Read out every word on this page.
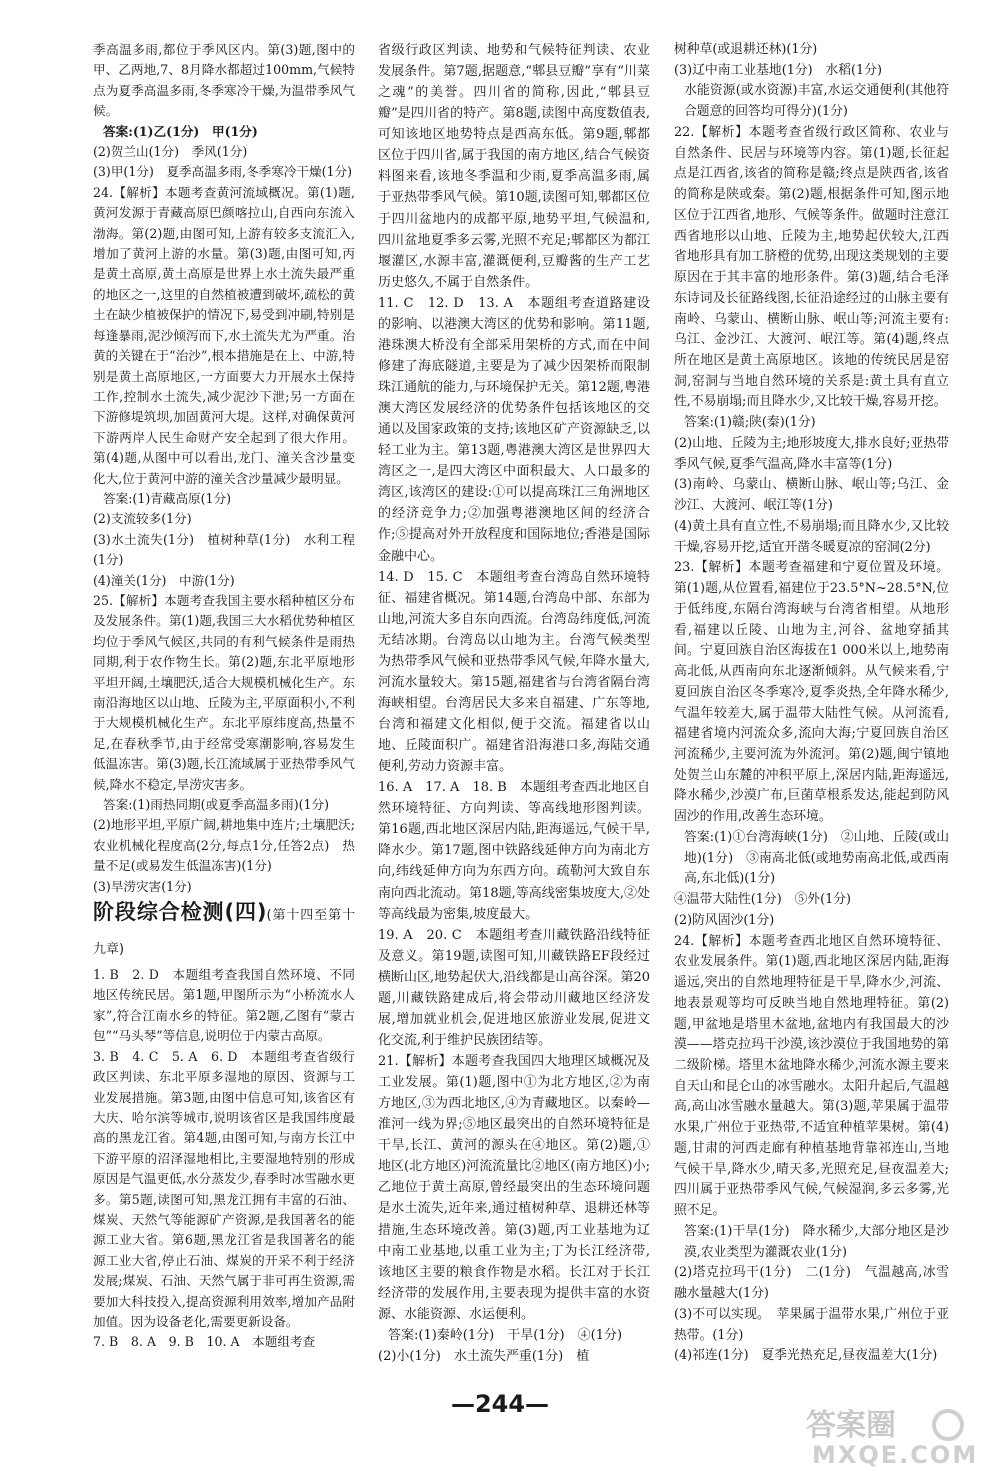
季高温多雨,都位于季风区内。第(3)题,图中的甲、乙两地,7、8月降水都超过100mm,气候特点为夏季高温多雨,冬季寒冷干燥,为温带季风气候。

答案:(1)乙(1分)　甲(1分)

(2)贺兰山(1分)　季风(1分)

(3)甲(1分)　夏季高温多雨,冬季寒冷干燥(1分)

24.【解析】本题考查黄河流域概况。第(1)题,黄河发源于青藏高原巴颜喀拉山,自西向东流入渤海。第(2)题,由图可知,上游有较多支流汇入,增加了黄河上游的水量。第(3)题,由图可知,丙是黄土高原,黄土高原是世界上水土流失最严重的地区之一,这里的自然植被遭到破坏,疏松的黄土在缺少植被保护的情况下,易受到冲刷,特别是每逢暴雨,泥沙倾泻而下,水土流失尤为严重。治黄的关键在于“治沙”,根本措施是在上、中游,特别是黄土高原地区,一方面要大力开展水土保持工作,控制水土流失,减少泥沙下泄;另一方面在下游修堤筑坝,加固黄河大堤。这样,对确保黄河下游两岸人民生命财产安全起到了很大作用。第(4)题,从图中可以看出,龙门、潼关含沙量变化大,位于黄河中游的潼关含沙量减少最明显。

答案:(1)青藏高原(1分)

(2)支流较多(1分)

(3)水土流失(1分)　植树种草(1分)　水利工程(1分)

(4)潼关(1分)　中游(1分)

25.【解析】本题考查我国主要水稻种植区分布及发展条件。第(1)题,我国三大水稻优势种植区均位于季风气候区,共同的有利气候条件是雨热同期,利于农作物生长。第(2)题,东北平原地形平坦开阔,土壤肥沃,适合大规模机械化生产。东南沿海地区以山地、丘陵为主,平原面积小,不利于大规模机械化生产。东北平原纬度高,热量不足,在春秋季节,由于经常受寒潮影响,容易发生低温冻害。第(3)题,长江流域属于亚热带季风气候,降水不稳定,旱涝灾害多。

答案:(1)雨热同期(或夏季高温多雨)(1分)

(2)地形平坦,平原广阔,耕地集中连片;土壤肥沃;农业机械化程度高(2分,每点1分,任答2点)　热量不足(或易发生低温冻害)(1分)

(3)旱涝灾害(1分)

阶段综合检测(四)(第十四至第十九章)

1. B　2. D　本题组考查我国自然环境、不同地区传统民居。第1题,甲图所示为“小桥流水人家”,符合江南水乡的特征。第2题,乙图有“蒙古包”“马头琴”等信息,说明位于内蒙古高原。

3. B　4. C　5. A　6. D　本题组考查省级行政区判读、东北平原多湿地的原因、资源与工业发展措施。第3题,由图中信息可知,该省区有大庆、哈尔滨等城市,说明该省区是我国纬度最高的黑龙江省。第4题,由图可知,与南方长江中下游平原的沼泽湿地相比,主要湿地特别的形成原因是气温更低,水分蒸发少,春季时冰雪融水更多。第5题,读图可知,黑龙江拥有丰富的石油、煤炭、天然气等能源矿产资源,是我国著名的能源工业大省。第6题,黑龙江省是我国著名的能源工业大省,停止石油、煤炭的开采不利于经济发展;煤炭、石油、天然气属于非可再生资源,需要加大科技投入,提高资源利用效率,增加产品附加值。因为设备老化,需要更新设备。

7. B　8. A　9. B　10. A　本题组考查

省级行政区判读、地势和气候特征判读、农业发展条件。第7题,据题意,“郫县豆瓣”享有“川菜之魂”的美誉。四川省的简称,因此,“郫县豆瓣”是四川省的特产。第8题,读图中高度数值表,可知该地区地势特点是西高东低。第9题,郫都区位于四川省,属于我国的南方地区,结合气候资料图来看,该地冬季温和少雨,夏季高温多雨,属于亚热带季风气候。第10题,读图可知,郫都区位于四川盆地内的成都平原,地势平坦,气候温和,四川盆地夏季多云雾,光照不充足;郫都区为都江堰灌区,水源丰富,灌溉便利,豆瓣酱的生产工艺历史悠久,不属于自然条件。

11. C　12. D　13. A　本题组考查道路建设的影响、以港澳大湾区的优势和影响。第11题,港珠澳大桥没有全部采用架桥的方式,而在中间修建了海底隧道,主要是为了减少因架桥而限制珠江通航的能力,与环境保护无关。第12题,粤港澳大湾区发展经济的优势条件包括该地区的交通以及国家政策的支持;该地区矿产资源缺乏,以轻工业为主。第13题,粤港澳大湾区是世界四大湾区之一,是四大湾区中面积最大、人口最多的湾区,该湾区的建设:①可以提高珠江三角洲地区的经济竞争力;②加强粤港澳地区间的经济合作;⑤提高对外开放程度和国际地位;香港是国际金融中心。

14. D　15. C　本题组考查台湾岛自然环境特征、福建省概况。第14题,台湾岛中部、东部为山地,河流大多自东向西流。台湾岛纬度低,河流无结冰期。台湾岛以山地为主。台湾气候类型为热带季风气候和亚热带季风气候,年降水量大,河流水量较大。第15题,福建省与台湾省隔台湾海峡相望。台湾居民大多来自福建、广东等地,台湾和福建文化相似,便于交流。福建省以山地、丘陵面积广。福建省沿海港口多,海陆交通便利,劳动力资源丰富。

16. A　17. A　18. B　本题组考查西北地区自然环境特征、方向判读、等高线地形图判读。第16题,西北地区深居内陆,距海遥远,气候干旱,降水少。第17题,图中铁路线延伸方向为南北方向,纬线延伸方向为东西方向。疏勒河大致自东南向西北流动。第18题,等高线密集坡度大,②处等高线最为密集,坡度最大。

19. A　20. C　本题组考查川藏铁路沿线特征及意义。第19题,读图可知,川藏铁路EF段经过横断山区,地势起伏大,沿线都是山高谷深。第20题,川藏铁路建成后,将会带动川藏地区经济发展,增加就业机会,促进地区旅游业发展,促进文化交流,利于维护民族团结等。

21.【解析】本题考查我国四大地理区域概况及工业发展。第(1)题,图中①为北方地区,②为南方地区,③为西北地区,④为青藏地区。以秦岭—淮河一线为界;⑤地区最突出的自然环境特征是干旱,长江、黄河的源头在④地区。第(2)题,①地区(北方地区)河流流量比②地区(南方地区)小;乙地位于黄土高原,曾经最突出的生态环境问题是水土流失,近年来,通过植树种草、退耕还林等措施,生态环境改善。第(3)题,丙工业基地为辽中南工业基地,以重工业为主;丁为长江经济带,该地区主要的粮食作物是水稻。长江对于长江经济带的发展作用,主要表现为提供丰富的水资源、水能资源、水运便利。

答案:(1)秦岭(1分)　干旱(1分)　④(1分)

(2)小(1分)　水土流失严重(1分)　植

树种草(或退耕还林)(1分)

(3)辽中南工业基地(1分)　水稻(1分)

水能资源(或水资源)丰富,水运交通便利(其他符合题意的回答均可得分)(1分)

22.【解析】本题考查省级行政区简称、农业与自然条件、民居与环境等内容。第(1)题,长征起点是江西省,该省的简称是赣;终点是陕西省,该省的简称是陕或秦。第(2)题,根据条件可知,图示地区位于江西省,地形、气候等条件。做题时注意江西省地形以山地、丘陵为主,地势起伏较大,江西省地形具有加工脐橙的优势,出现这类规划的主要原因在于其丰富的地形条件。第(3)题,结合毛泽东诗词及长征路线图,长征沿途经过的山脉主要有南岭、乌蒙山、横断山脉、岷山等;河流主要有:乌江、金沙江、大渡河、岷江等。第(4)题,终点所在地区是黄土高原地区。该地的传统民居是窑洞,窑洞与当地自然环境的关系是:黄土具有直立性,不易崩塌;而且降水少,又比较干燥,容易开挖。

答案:(1)赣;陕(秦)(1分)

(2)山地、丘陵为主;地形坡度大,排水良好;亚热带季风气候,夏季气温高,降水丰富等(1分)

(3)南岭、乌蒙山、横断山脉、岷山等;乌江、金沙江、大渡河、岷江等(1分)

(4)黄土具有直立性,不易崩塌;而且降水少,又比较干燥,容易开挖,适宜开凿冬暖夏凉的窑洞(2分)

23.【解析】本题考查福建和宁夏位置及环境。第(1)题,从位置看,福建位于23.5°N~28.5°N,位于低纬度,东隔台湾海峡与台湾省相望。从地形看,福建以丘陵、山地为主,河谷、盆地穿插其间。宁夏回族自治区海拔在1 000米以上,地势南高北低,从西南向东北逐渐倾斜。从气候来看,宁夏回族自治区冬季寒冷,夏季炎热,全年降水稀少,气温年较差大,属于温带大陆性气候。从河流看,福建省境内河流众多,流向大海;宁夏回族自治区河流稀少,主要河流为外流河。第(2)题,闽宁镇地处贺兰山东麓的冲积平原上,深居内陆,距海遥远,降水稀少,沙漠广布,巨菌草根系发达,能起到防风固沙的作用,改善生态环境。

答案:(1)①台湾海峡(1分)　②山地、丘陵(或山地)(1分)　③南高北低(或地势南高北低,或西南高,东北低)(1分)

④温带大陆性(1分)　⑤外(1分)

(2)防风固沙(1分)

24.【解析】本题考查西北地区自然环境特征、农业发展条件。第(1)题,西北地区深居内陆,距海遥远,突出的自然地理特征是干旱,降水少,河流、地表景观等均可反映当地自然地理特征。第(2)题,甲盆地是塔里木盆地,盆地内有我国最大的沙漠——塔克拉玛干沙漠,该沙漠位于我国地势的第二级阶梯。塔里木盆地降水稀少,河流水源主要来自天山和昆仑山的冰雪融水。太阳升起后,气温越高,高山冰雪融水量越大。第(3)题,苹果属于温带水果,广州位于亚热带,不适宜种植苹果树。第(4)题,甘肃的河西走廊有种植基地背靠祁连山,当地气候干旱,降水少,晴天多,光照充足,昼夜温差大;四川属于亚热带季风气候,气候湿润,多云多雾,光照不足。

答案:(1)干旱(1分)　降水稀少,大部分地区是沙漠,农业类型为灌溉农业(1分)

(2)塔克拉玛干(1分)　二(1分)　气温越高,冰雪融水量越大(1分)

(3)不可以实现。　苹果属于温带水果,广州位于亚热带。(1分)

(4)祁连(1分)　夏季光热充足,昼夜温差大(1分)

—244—
答案圈
MXQE.COM
